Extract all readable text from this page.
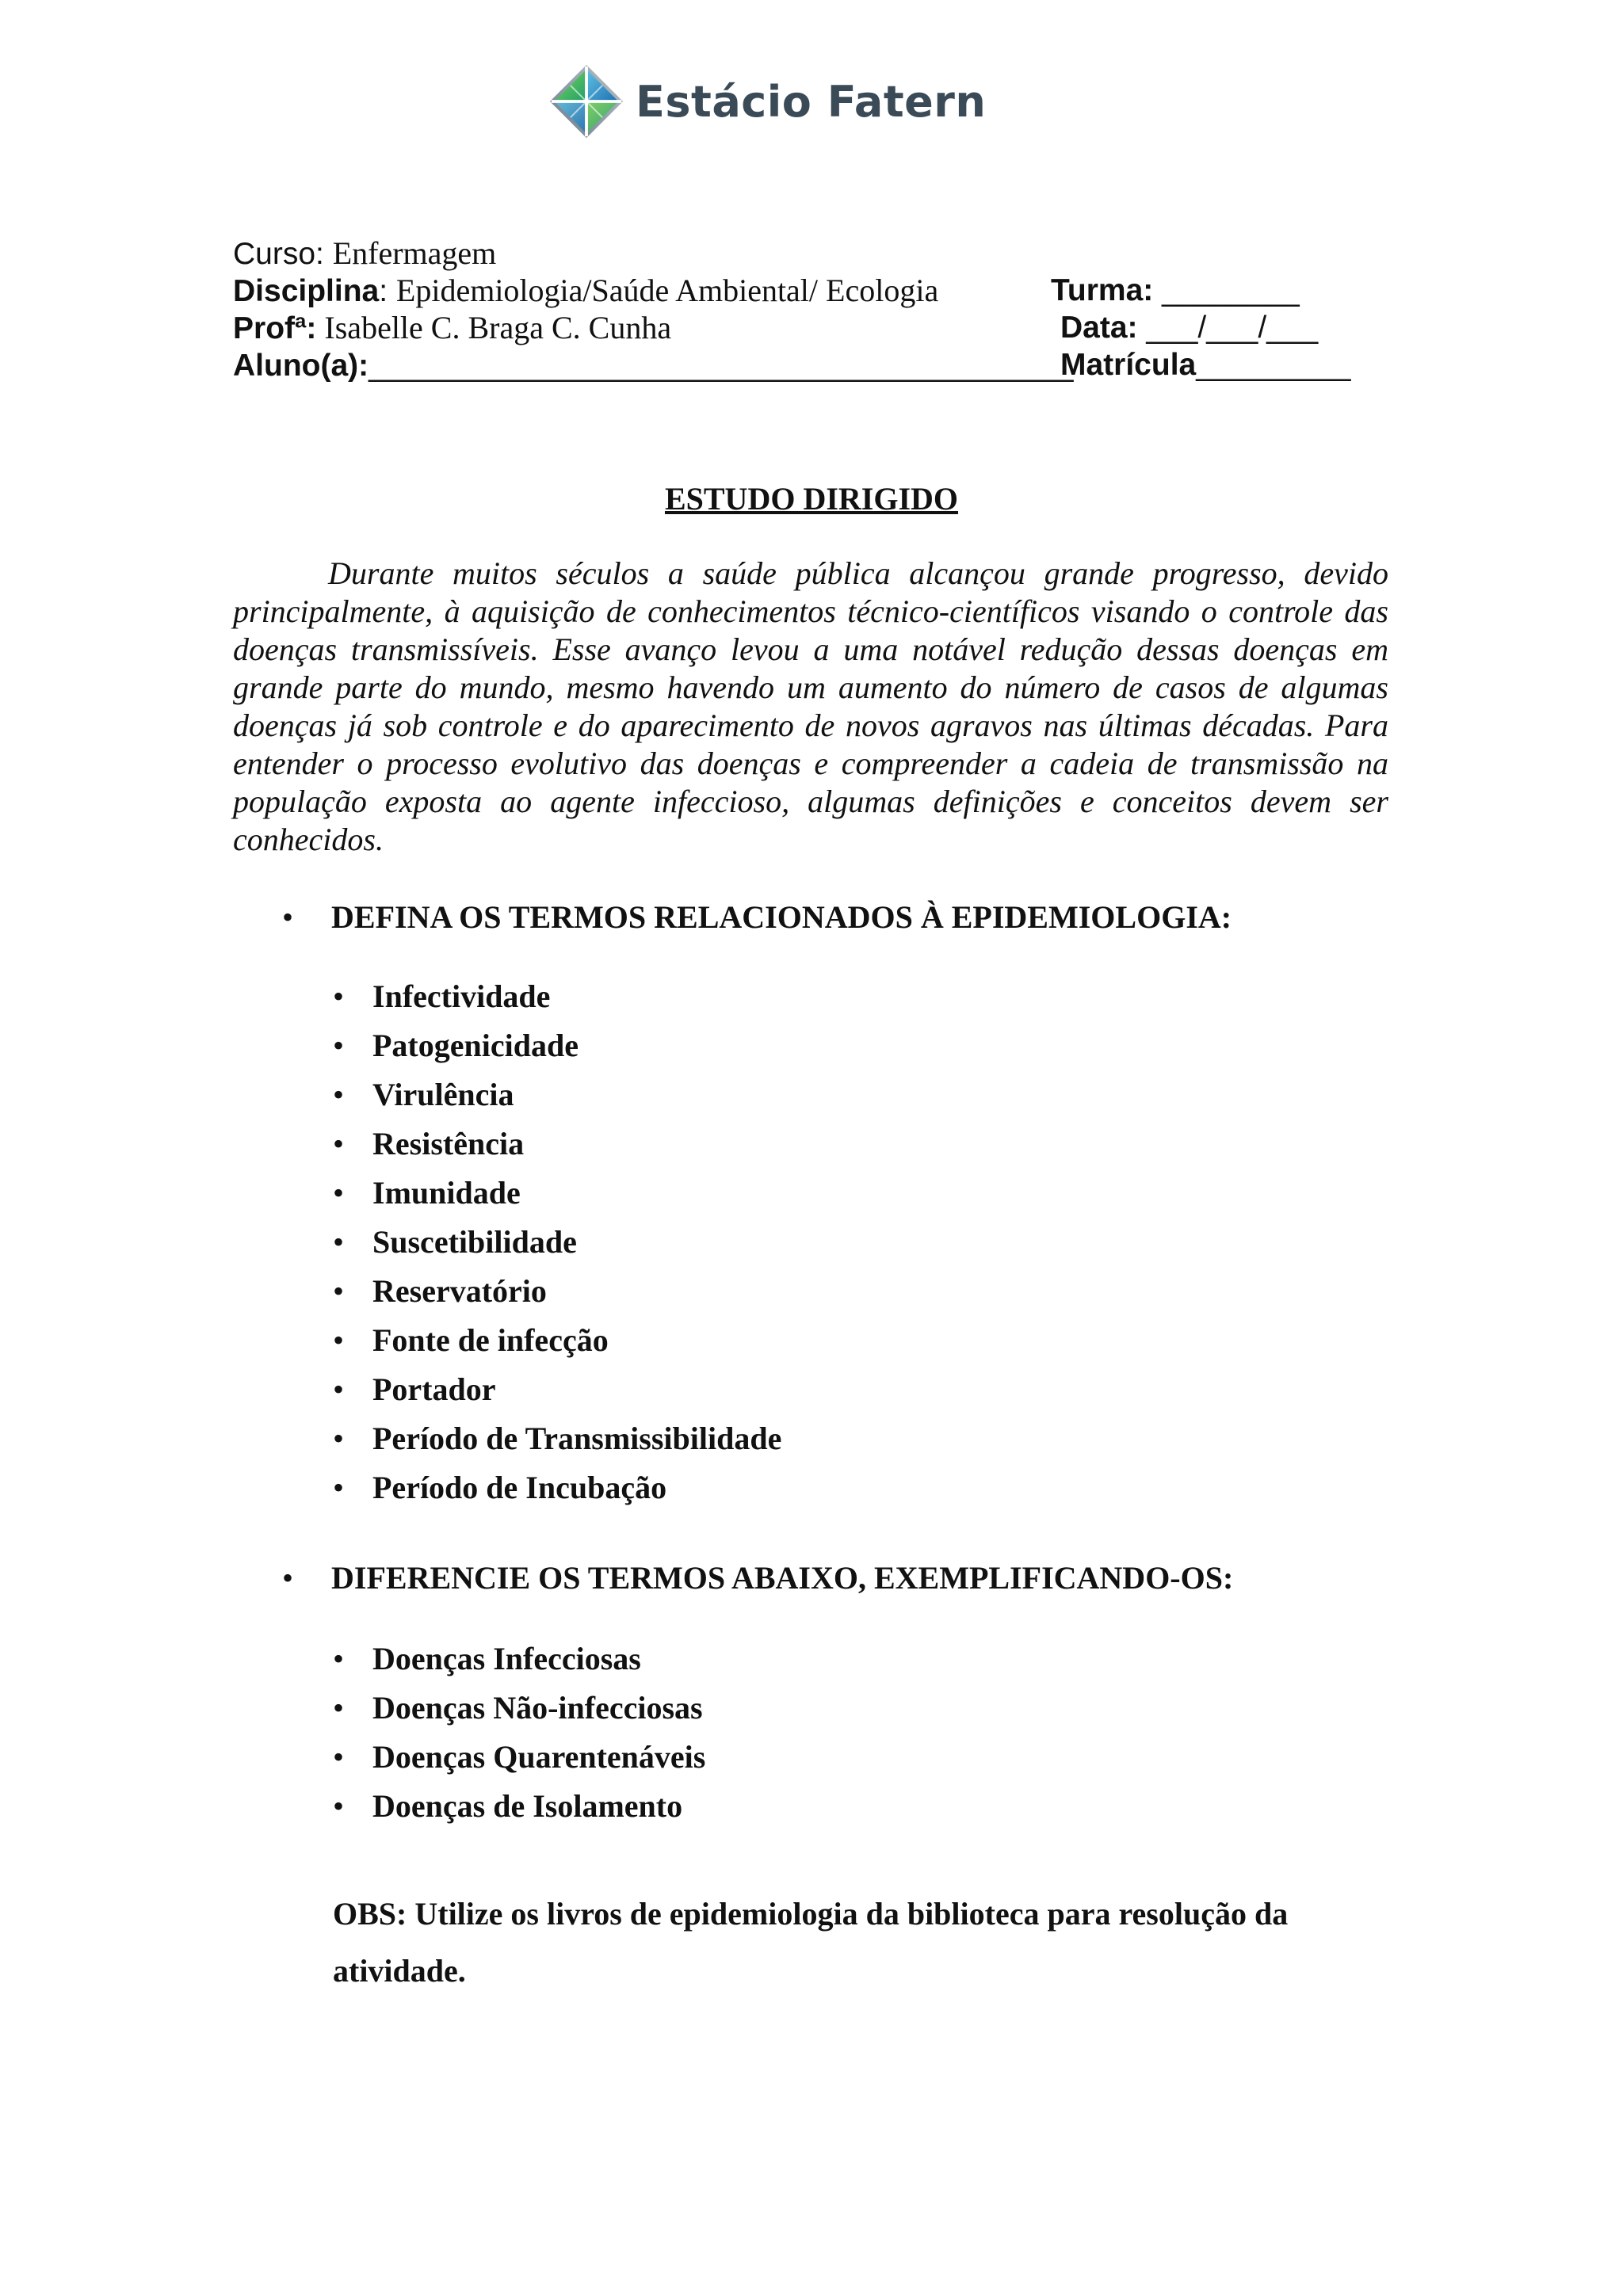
Estácio Fatern
Curso: Enfermagem
Disciplina: Epidemiologia/Saúde Ambiental/ Ecologia
Profª: Isabelle C. Braga C. Cunha
Aluno(a):_________________________________________
Turma: ________
Data: ___/___/___
Matrícula_________
ESTUDO DIRIGIDO

Durante muitos séculos a saúde pública alcançou grande progresso, devido principalmente, à aquisição de conhecimentos técnico-científicos visando o controle das doenças transmissíveis. Esse avanço levou a uma notável redução dessas doenças em grande parte do mundo, mesmo havendo um aumento do número de casos de algumas doenças já sob controle e do aparecimento de novos agravos nas últimas décadas. Para entender o processo evolutivo das doenças e compreender a cadeia de transmissão na população exposta ao agente infeccioso, algumas definições e conceitos devem ser conhecidos.

• DEFINA OS TERMOS RELACIONADOS À EPIDEMIOLOGIA:
• Infectividade
• Patogenicidade
• Virulência
• Resistência
• Imunidade
• Suscetibilidade
• Reservatório
• Fonte de infecção
• Portador
• Período de Transmissibilidade
• Período de Incubação
• DIFERENCIE OS TERMOS ABAIXO, EXEMPLIFICANDO-OS:
• Doenças Infecciosas
• Doenças Não-infecciosas
• Doenças Quarentenáveis
• Doenças de Isolamento

OBS: Utilize os livros de epidemiologia da biblioteca para resolução da atividade.
